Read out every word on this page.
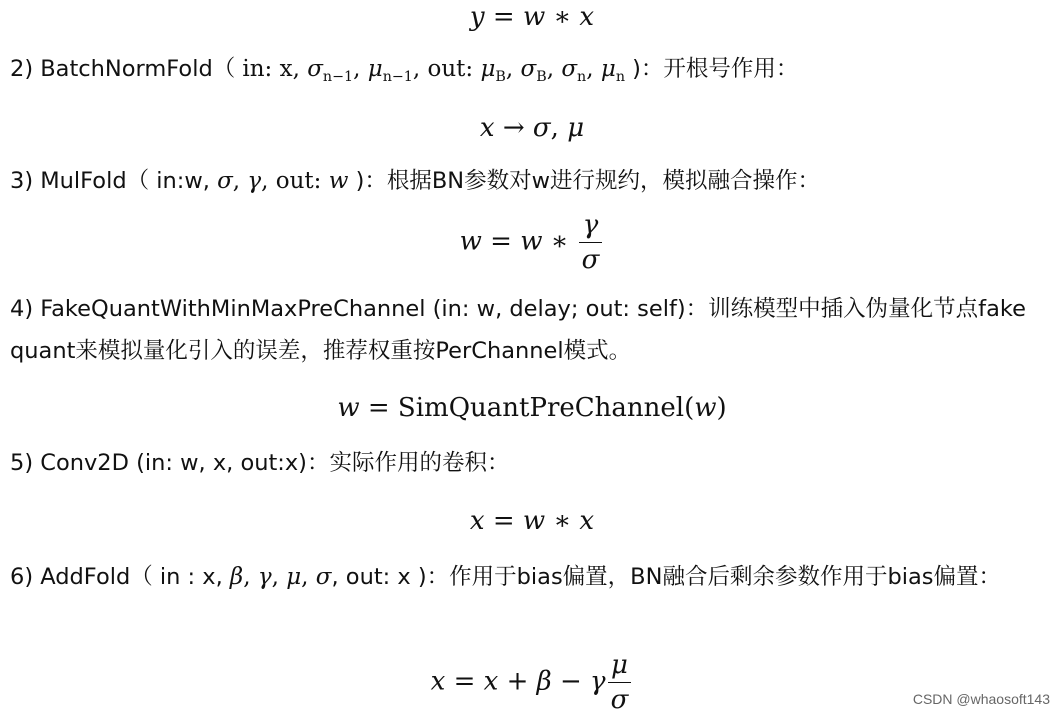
y = w ∗ x
2) BatchNormFold（ in: x, $\sigma_{n-1}$, $\mu_{n-1}$, out: $\mu_B$, $\sigma_B$, $\sigma_n$, $\mu_n$ )：开根号作用：
x → σ, μ
3) MulFold（ in:w, σ, γ, out: w )：根据BN参数对w进行规约，模拟融合操作：
w = w ∗ $\frac{\gamma}{\sigma}$
4) FakeQuantWithMinMaxPreChannel (in: w, delay; out: self)：训练模型中插入伪量化节点fake quant来模拟量化引入的误差，推荐权重按PerChannel模式。
w = SimQuantPreChannel(w)
5) Conv2D (in: w, x, out:x)：实际作用的卷积：
x = w ∗ x
6) AddFold（ in : x, β, γ, μ, σ, out: x )：作用于bias偏置，BN融合后剩余参数作用于bias偏置：
x = x + β − γ $\frac{\mu}{\sigma}$	CSDN @whaosoft143
